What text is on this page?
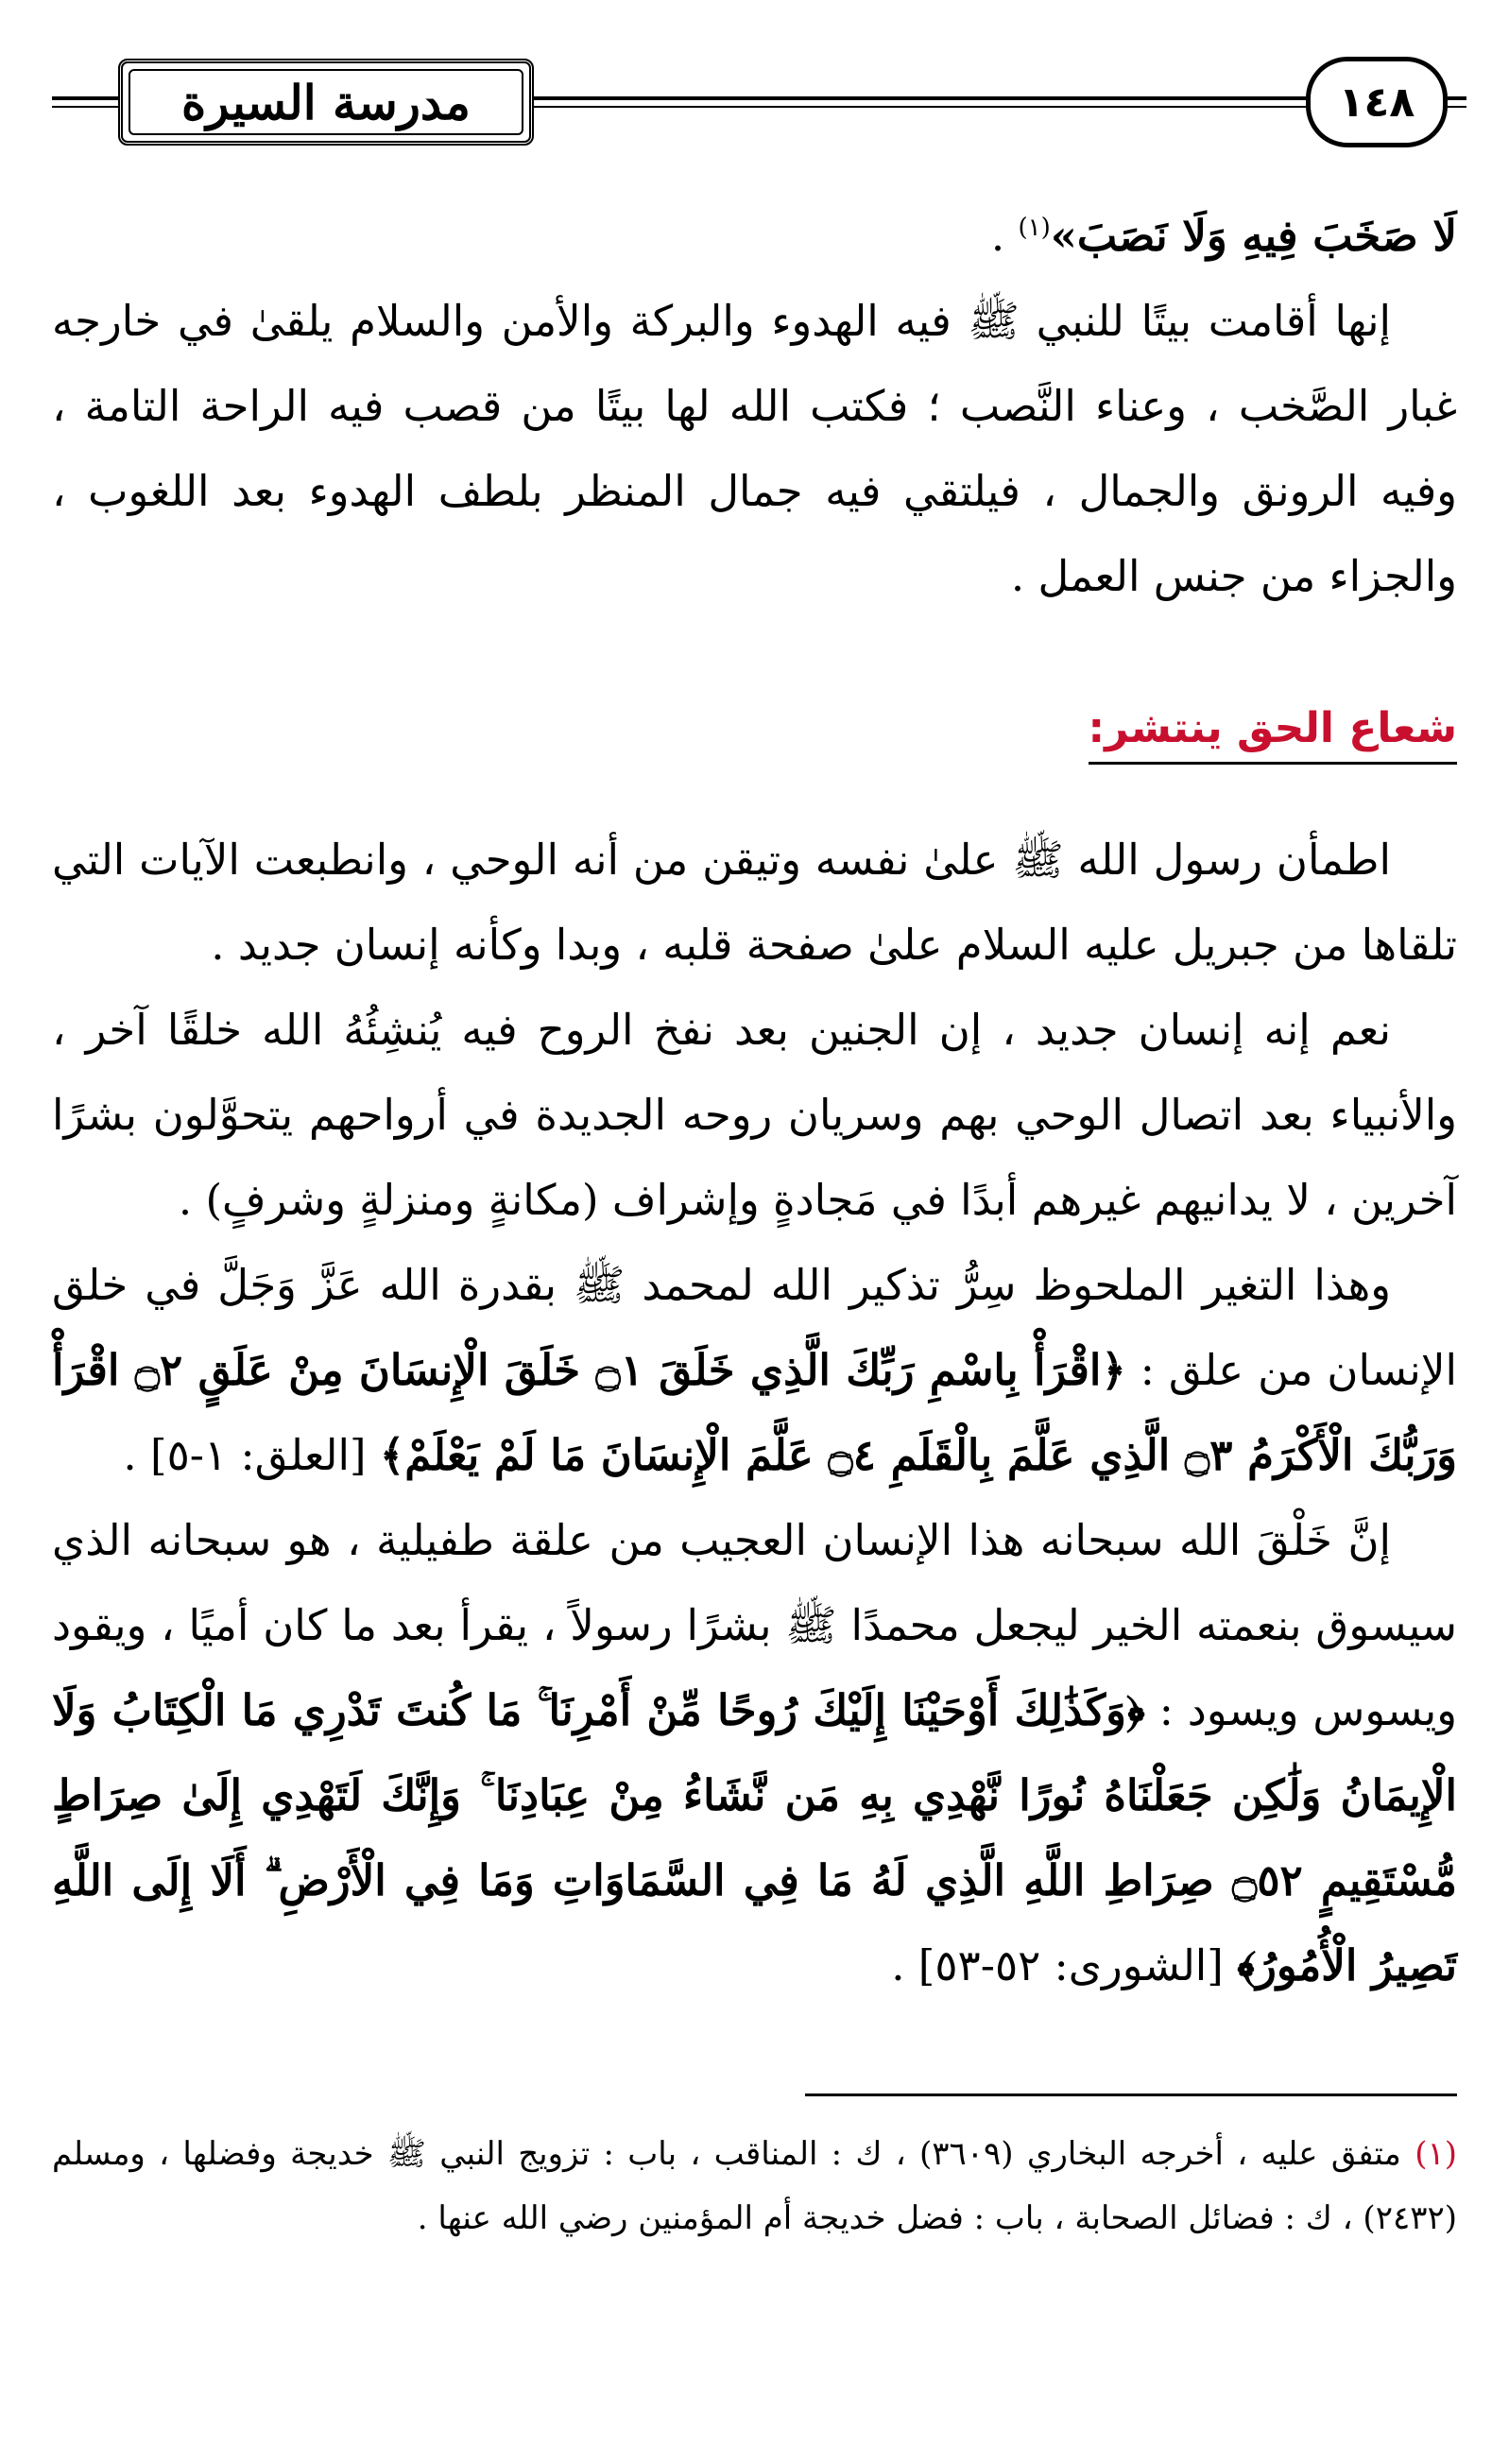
مدرسة السيرة	١٤٨

لَا صَخَبَ فِيهِ وَلَا نَصَبَ»$^{(١)}$ .

إنها أقامت بيتًا للنبي ﷺ فيه الهدوء والبركة والأمن والسلام يلقىٰ في خارجه غبار الصَّخب ، وعناء النَّصب ؛ فكتب الله لها بيتًا من قصب فيه الراحة التامة ، وفيه الرونق والجمال ، فيلتقي فيه جمال المنظر بلطف الهدوء بعد اللغوب ، والجزاء من جنس العمل .

شعاع الحق ينتشر:

اطمأن رسول الله ﷺ علىٰ نفسه وتيقن من أنه الوحي ، وانطبعت الآيات التي تلقاها من جبريل عليه السلام علىٰ صفحة قلبه ، وبدا وكأنه إنسان جديد .

نعم إنه إنسان جديد ، إن الجنين بعد نفخ الروح فيه يُنشِئُهُ الله خلقًا آخر ، والأنبياء بعد اتصال الوحي بهم وسريان روحه الجديدة في أرواحهم يتحوَّلون بشرًا آخرين ، لا يدانيهم غيرهم أبدًا في مَجادةٍ وإشراف (مكانةٍ ومنزلةٍ وشرفٍ) .

وهذا التغير الملحوظ سِرُّ تذكير الله لمحمد ﷺ بقدرة الله عَزَّ وَجَلَّ في خلق الإنسان من علق : ﴿اقْرَأْ بِاسْمِ رَبِّكَ الَّذِي خَلَقَ ۝١ خَلَقَ الْإِنسَانَ مِنْ عَلَقٍ ۝٢ اقْرَأْ وَرَبُّكَ الْأَكْرَمُ ۝٣ الَّذِي عَلَّمَ بِالْقَلَمِ ۝٤ عَلَّمَ الْإِنسَانَ مَا لَمْ يَعْلَمْ﴾ [العلق: ١-٥] .

إنَّ خَلْقَ الله سبحانه هذا الإنسان العجيب من علقة طفيلية ، هو سبحانه الذي سيسوق بنعمته الخير ليجعل محمدًا ﷺ بشرًا رسولاً ، يقرأ بعد ما كان أميًا ، ويقود ويسوس ويسود : ﴿وَكَذَٰلِكَ أَوْحَيْنَا إِلَيْكَ رُوحًا مِّنْ أَمْرِنَا ۚ مَا كُنتَ تَدْرِي مَا الْكِتَابُ وَلَا الْإِيمَانُ وَلَٰكِن جَعَلْنَاهُ نُورًا نَّهْدِي بِهِ مَن نَّشَاءُ مِنْ عِبَادِنَا ۚ وَإِنَّكَ لَتَهْدِي إِلَىٰ صِرَاطٍ مُّسْتَقِيمٍ ۝٥٢ صِرَاطِ اللَّهِ الَّذِي لَهُ مَا فِي السَّمَاوَاتِ وَمَا فِي الْأَرْضِ ۗ أَلَا إِلَى اللَّهِ تَصِيرُ الْأُمُورُ﴾ [الشورى: ٥٢-٥٣] .

(١) متفق عليه ، أخرجه البخاري (٣٦٠٩) ، ك : المناقب ، باب : تزويج النبي ﷺ خديجة وفضلها ، ومسلم (٢٤٣٢) ، ك : فضائل الصحابة ، باب : فضل خديجة أم المؤمنين رضي الله عنها .
